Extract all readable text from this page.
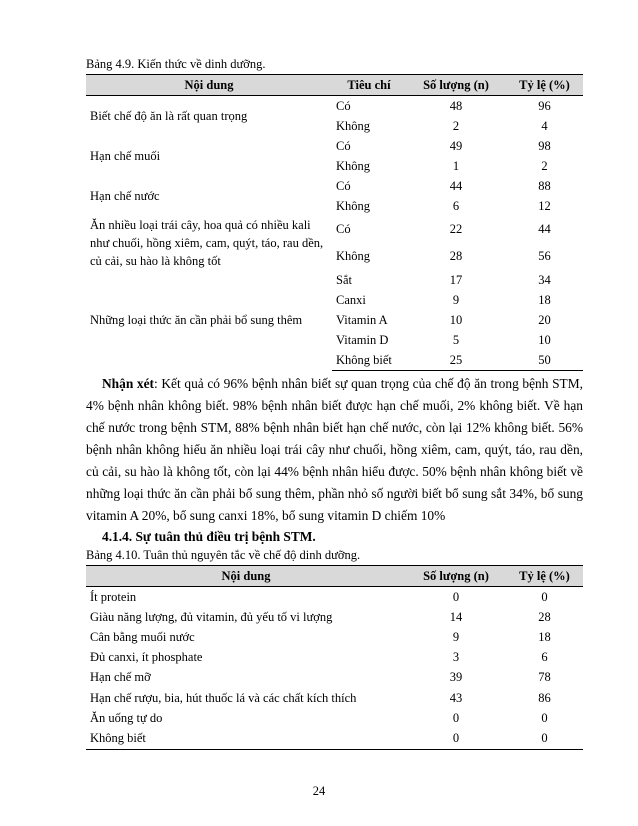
Bảng 4.9. Kiến thức về dinh dưỡng.

Nội dung	Tiêu chí	Số lượng (n)	Tỷ lệ (%)
Biết chế độ ăn là rất quan trọng	Có	48	96
	Không	2	4
Hạn chế muối	Có	49	98
	Không	1	2
Hạn chế nước	Có	44	88
	Không	6	12
Ăn nhiều loại trái cây, hoa quả có nhiều kali như chuối, hồng xiêm, cam, quýt, táo, rau dền, củ cải, su hào là không tốt	Có	22	44
	Không	28	56
Những loại thức ăn cần phải bổ sung thêm	Sắt	17	34
	Canxi	9	18
	Vitamin A	10	20
	Vitamin D	5	10
	Không biết	25	50

Nhận xét: Kết quả có 96% bệnh nhân biết sự quan trọng của chế độ ăn trong bệnh STM, 4% bệnh nhân không biết. 98% bệnh nhân biết được hạn chế muối, 2% không biết. Về hạn chế nước trong bệnh STM, 88% bệnh nhân biết hạn chế nước, còn lại 12% không biết. 56% bệnh nhân không hiểu ăn nhiều loại trái cây như chuối, hồng xiêm, cam, quýt, táo, rau dền, củ cải, su hào là không tốt, còn lại 44% bệnh nhân hiểu được. 50% bệnh nhân không biết về những loại thức ăn cần phải bổ sung thêm, phần nhỏ số người biết bổ sung sắt 34%, bổ sung vitamin A 20%, bổ sung canxi 18%, bổ sung vitamin D chiếm 10%

4.1.4. Sự tuân thủ điều trị bệnh STM.

Bảng 4.10. Tuân thủ nguyên tắc về chế độ dinh dưỡng.

Nội dung	Số lượng (n)	Tỷ lệ (%)
Ít protein	0	0
Giàu năng lượng, đủ vitamin, đủ yếu tố vi lượng	14	28
Cân bằng muối nước	9	18
Đủ canxi, ít phosphate	3	6
Hạn chế mỡ	39	78
Hạn chế rượu, bia, hút thuốc lá và các chất kích thích	43	86
Ăn uống tự do	0	0
Không biết	0	0
24
